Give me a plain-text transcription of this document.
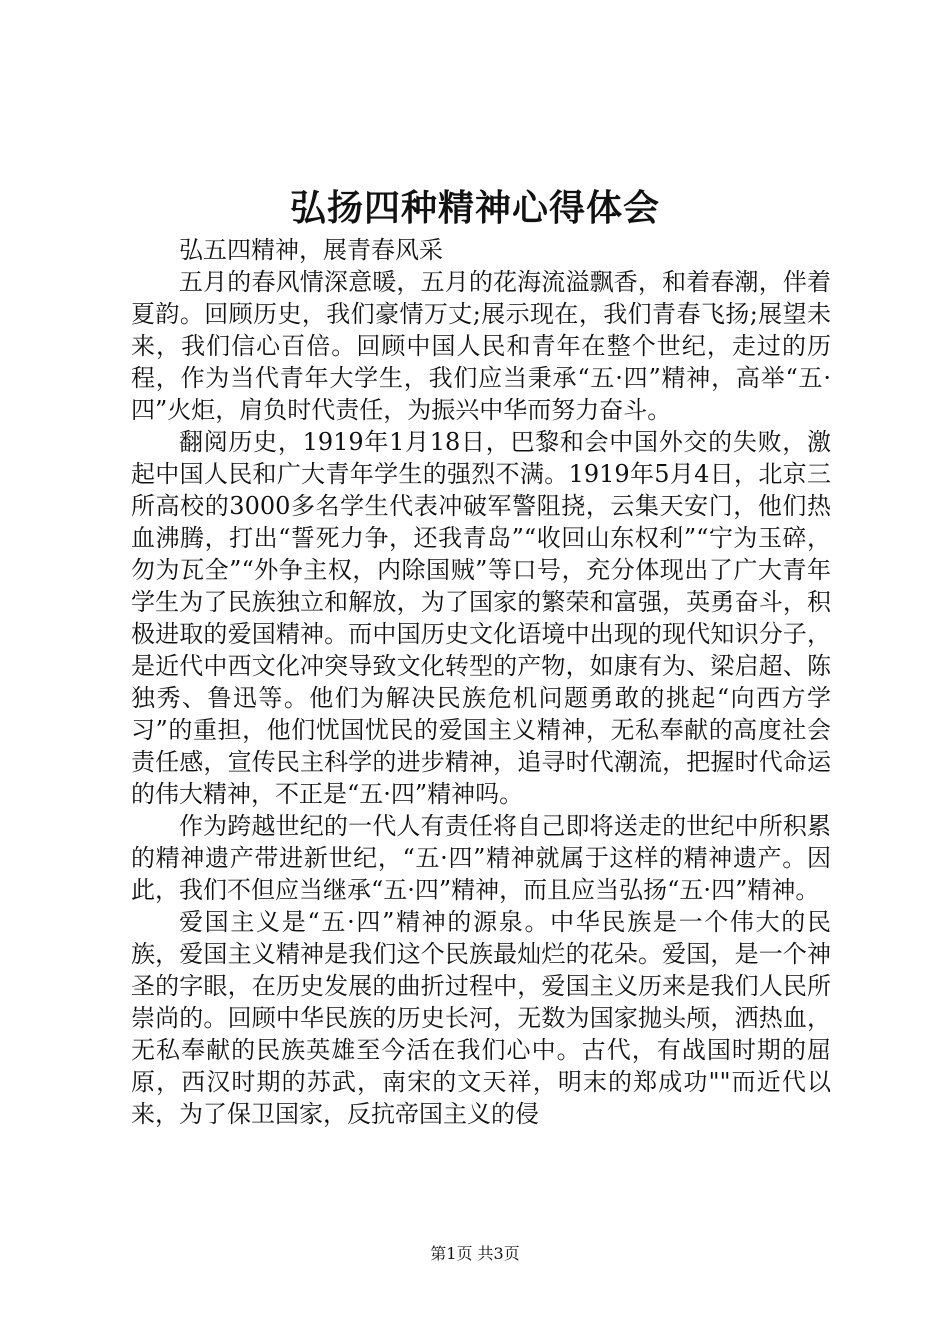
弘扬四种精神心得体会

弘五四精神，展青春风采

五月的春风情深意暖，五月的花海流溢飘香，和着春潮，伴着夏韵。回顾历史，我们豪情万丈;展示现在，我们青春飞扬;展望未来，我们信心百倍。回顾中国人民和青年在整个世纪，走过的历程，作为当代青年大学生，我们应当秉承“五·四”精神，高举“五·四”火炬，肩负时代责任，为振兴中华而努力奋斗。

翻阅历史，1919年1月18日，巴黎和会中国外交的失败，激起中国人民和广大青年学生的强烈不满。1919年5月4日，北京三所高校的3000多名学生代表冲破军警阻挠，云集天安门，他们热血沸腾，打出“誓死力争，还我青岛”“收回山东权利”“宁为玉碎，勿为瓦全”“外争主权，内除国贼”等口号，充分体现出了广大青年学生为了民族独立和解放，为了国家的繁荣和富强，英勇奋斗，积极进取的爱国精神。而中国历史文化语境中出现的现代知识分子，是近代中西文化冲突导致文化转型的产物，如康有为、梁启超、陈独秀、鲁迅等。他们为解决民族危机问题勇敢的挑起“向西方学习”的重担，他们忧国忧民的爱国主义精神，无私奉献的高度社会责任感，宣传民主科学的进步精神，追寻时代潮流，把握时代命运的伟大精神，不正是“五·四”精神吗。

作为跨越世纪的一代人有责任将自己即将送走的世纪中所积累的精神遗产带进新世纪，“五·四”精神就属于这样的精神遗产。因此，我们不但应当继承“五·四”精神，而且应当弘扬“五·四”精神。

爱国主义是“五·四”精神的源泉。中华民族是一个伟大的民族，爱国主义精神是我们这个民族最灿烂的花朵。爱国，是一个神圣的字眼，在历史发展的曲折过程中，爱国主义历来是我们人民所崇尚的。回顾中华民族的历史长河，无数为国家抛头颅，洒热血，无私奉献的民族英雄至今活在我们心中。古代，有战国时期的屈原，西汉时期的苏武，南宋的文天祥，明末的郑成功""而近代以来，为了保卫国家，反抗帝国主义的侵

第1页 共3页
